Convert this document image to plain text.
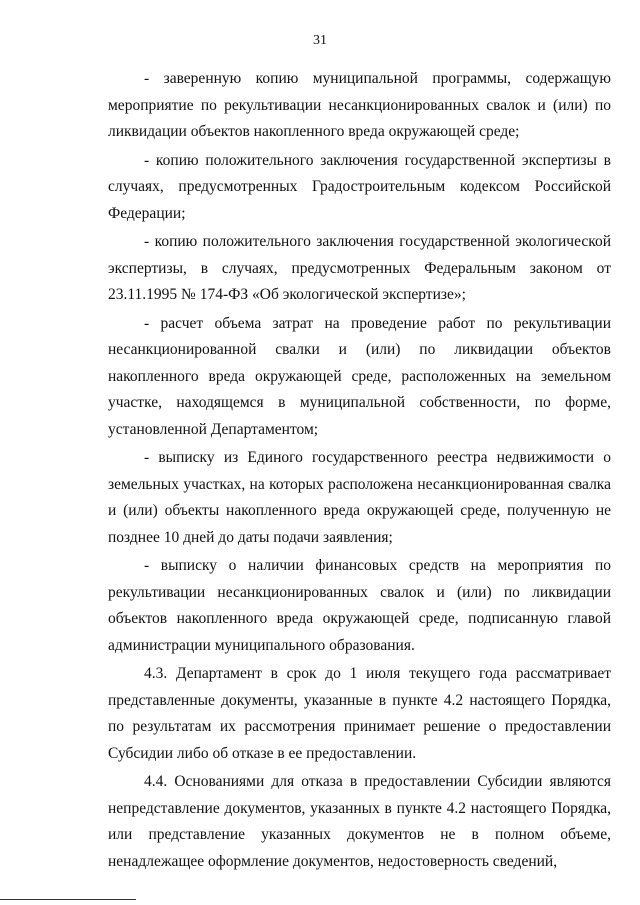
31

- заверенную копию муниципальной программы, содержащую мероприятие по рекультивации несанкционированных свалок и (или) по ликвидации объектов накопленного вреда окружающей среде;

- копию положительного заключения государственной экспертизы в случаях, предусмотренных Градостроительным кодексом Российской Федерации;

- копию положительного заключения государственной экологической экспертизы, в случаях, предусмотренных Федеральным законом от 23.11.1995 № 174-ФЗ «Об экологической экспертизе»;

- расчет объема затрат на проведение работ по рекультивации несанкционированной свалки и (или) по ликвидации объектов накопленного вреда окружающей среде, расположенных на земельном участке, находящемся в муниципальной собственности, по форме, установленной Департаментом;

- выписку из Единого государственного реестра недвижимости о земельных участках, на которых расположена несанкционированная свалка и (или) объекты накопленного вреда окружающей среде, полученную не позднее 10 дней до даты подачи заявления;

- выписку о наличии финансовых средств на мероприятия по рекультивации несанкционированных свалок и (или) по ликвидации объектов накопленного вреда окружающей среде, подписанную главой администрации муниципального образования.

4.3. Департамент в срок до 1 июля текущего года рассматривает представленные документы, указанные в пункте 4.2 настоящего Порядка, по результатам их рассмотрения принимает решение о предоставлении Субсидии либо об отказе в ее предоставлении.

4.4. Основаниями для отказа в предоставлении Субсидии являются непредставление документов, указанных в пункте 4.2 настоящего Порядка, или представление указанных документов не в полном объеме, ненадлежащее оформление документов, недостоверность сведений,
